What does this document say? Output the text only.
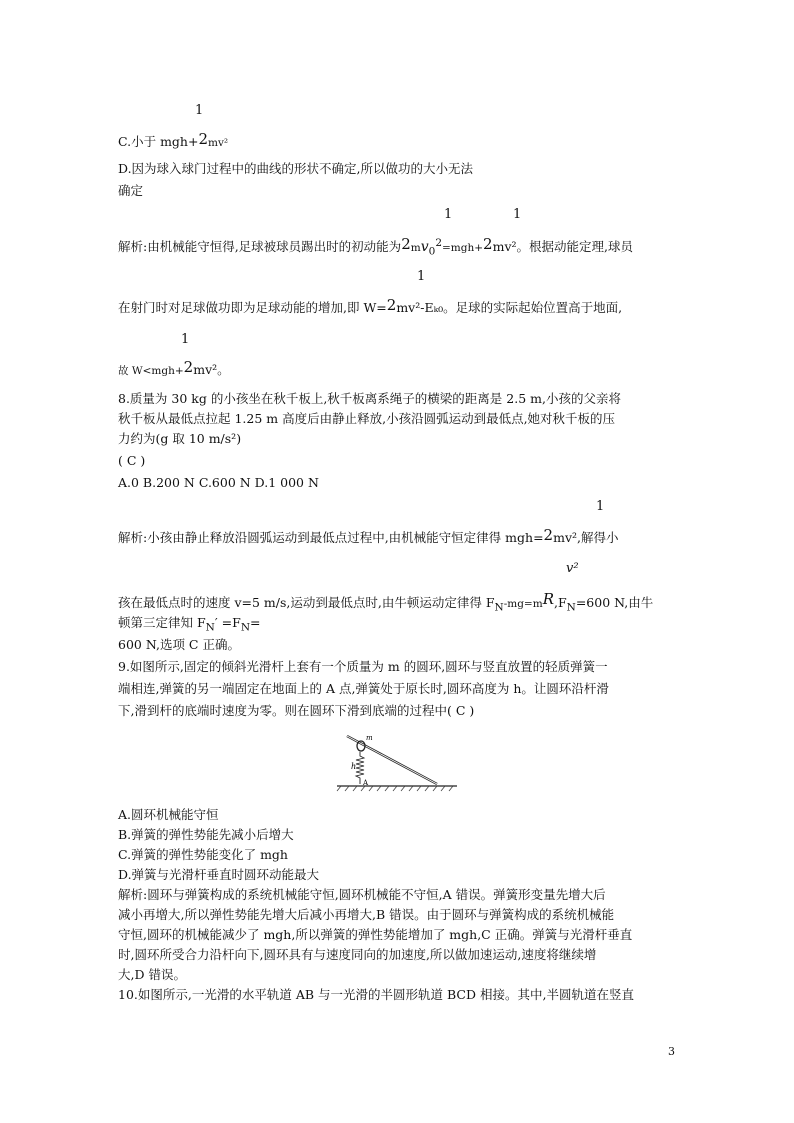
1
C.小于 mgh+2mv²
D.因为球入球门过程中的曲线的形状不确定,所以做功的大小无法
确定
1	1
解析:由机械能守恒得,足球被球员踢出时的初动能为$2mv_0^2=mgh+2mv^2$。根据动能定理,球员
1
在射门时对足球做功即为足球动能的增加,即 W=2mv²-Eₖ₀。足球的实际起始位置高于地面,
1
故 W<mgh+2mv²。
8.质量为 30 kg 的小孩坐在秋千板上,秋千板离系绳子的横梁的距离是 2.5 m,小孩的父亲将
秋千板从最低点拉起 1.25 m 高度后由静止释放,小孩沿圆弧运动到最低点,她对秋千板的压
力约为(g 取 10 m/s²)
( C )
A.0 B.200 N C.600 N D.1 000 N
1
解析:小孩由静止释放沿圆弧运动到最低点过程中,由机械能守恒定律得 mgh=2mv²,解得小
v²
孩在最低点时的速度 v=5 m/s,运动到最低点时,由牛顿运动定律得 $F_N-mg=mR,F_N=600$ N,由牛
顿第三定律知 $F_N' =F_N=$
600 N,选项 C 正确。
9.如图所示,固定的倾斜光滑杆上套有一个质量为 m 的圆环,圆环与竖直放置的轻质弹簧一
端相连,弹簧的另一端固定在地面上的 A 点,弹簧处于原长时,圆环高度为 h。让圆环沿杆滑
下,滑到杆的底端时速度为零。则在圆环下滑到底端的过程中( C )
m
h
A
A.圆环机械能守恒
B.弹簧的弹性势能先减小后增大
C.弹簧的弹性势能变化了 mgh
D.弹簧与光滑杆垂直时圆环动能最大
解析:圆环与弹簧构成的系统机械能守恒,圆环机械能不守恒,A 错误。弹簧形变量先增大后
减小再增大,所以弹性势能先增大后减小再增大,B 错误。由于圆环与弹簧构成的系统机械能
守恒,圆环的机械能减少了 mgh,所以弹簧的弹性势能增加了 mgh,C 正确。弹簧与光滑杆垂直
时,圆环所受合力沿杆向下,圆环具有与速度同向的加速度,所以做加速运动,速度将继续增
大,D 错误。
10.如图所示,一光滑的水平轨道 AB 与一光滑的半圆形轨道 BCD 相接。其中,半圆轨道在竖直
3
